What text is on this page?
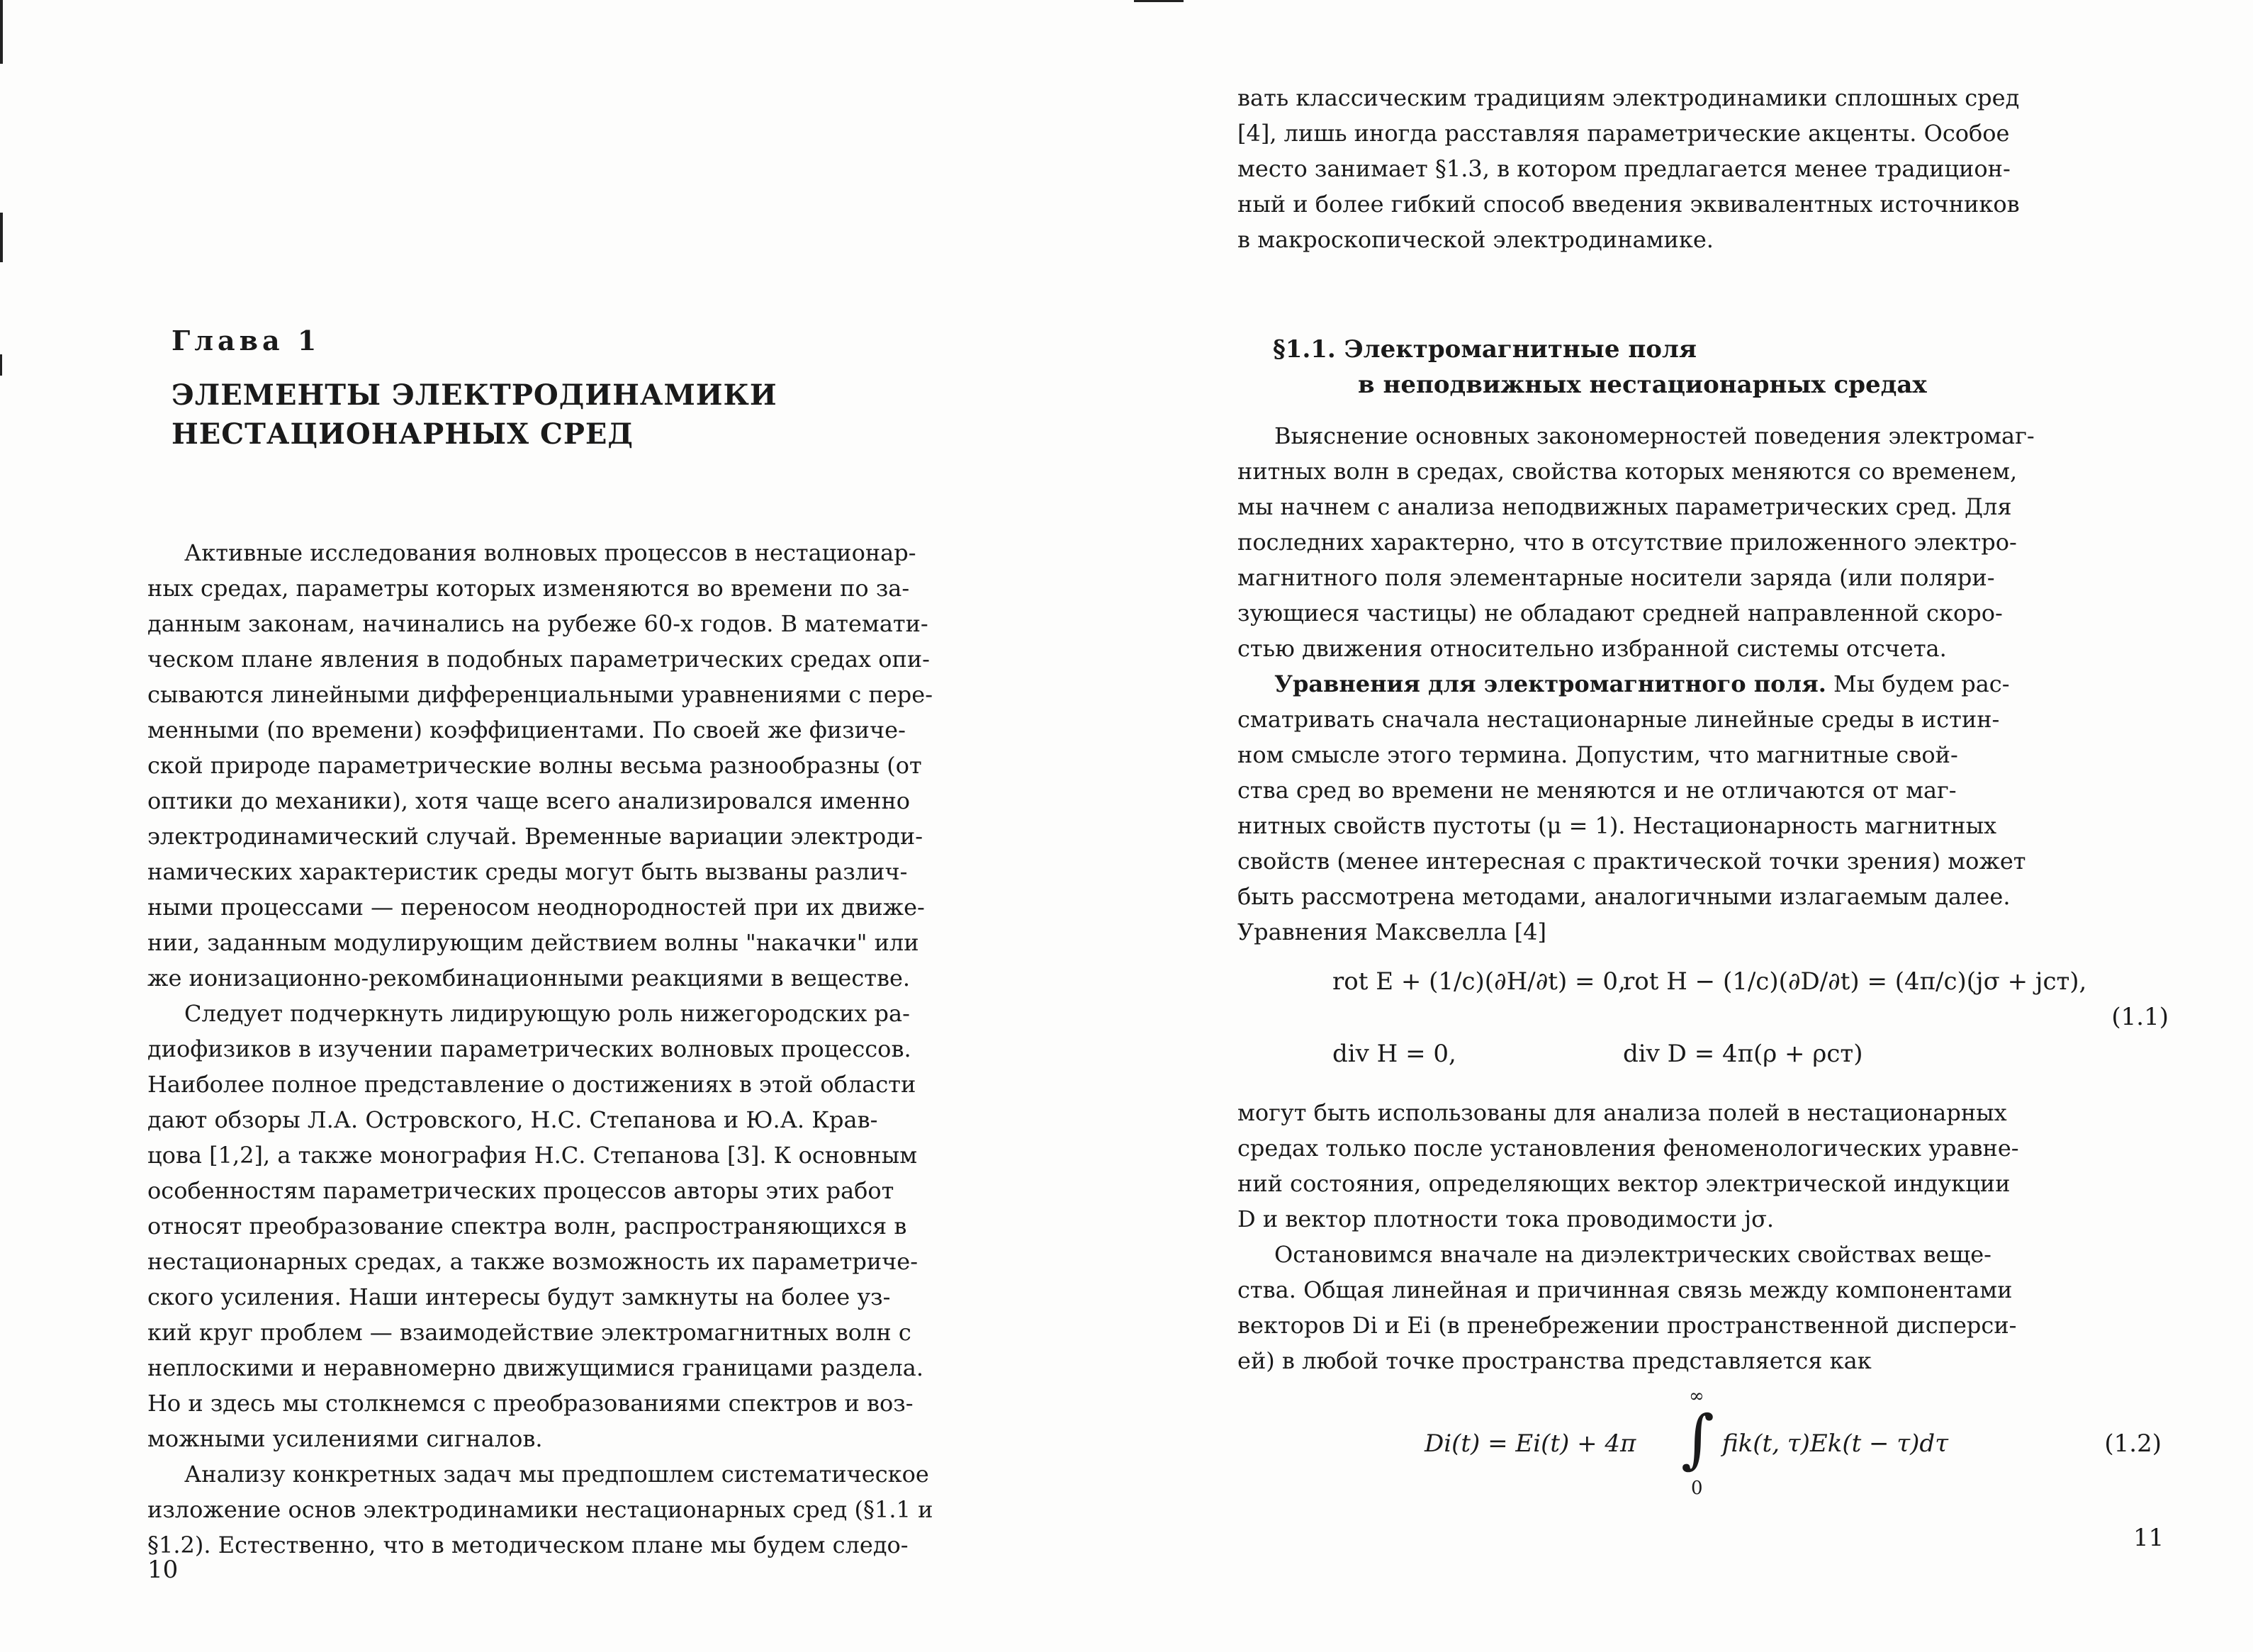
Глава 1
ЭЛЕМЕНТЫ ЭЛЕКТРОДИНАМИКИ
НЕСТАЦИОНАРНЫХ СРЕД
Активные исследования волновых процессов в нестационар-
ных средах, параметры которых изменяются во времени по за-
данным законам, начинались на рубеже 60-х годов. В математи-
ческом плане явления в подобных параметрических средах опи-
сываются линейными дифференциальными уравнениями с пере-
менными (по времени) коэффициентами. По своей же физиче-
ской природе параметрические волны весьма разнообразны (от
оптики до механики), хотя чаще всего анализировался именно
электродинамический случай. Временные вариации электроди-
намических характеристик среды могут быть вызваны различ-
ными процессами — переносом неоднородностей при их движе-
нии, заданным модулирующим действием волны "накачки" или
же ионизационно-рекомбинационными реакциями в веществе.
Следует подчеркнуть лидирующую роль нижегородских ра-
диофизиков в изучении параметрических волновых процессов.
Наиболее полное представление о достижениях в этой области
дают обзоры Л.А. Островского, Н.С. Степанова и Ю.А. Крав-
цова [1,2], а также монография Н.С. Степанова [3]. К основным
особенностям параметрических процессов авторы этих работ
относят преобразование спектра волн, распространяющихся в
нестационарных средах, а также возможность их параметриче-
ского усиления. Наши интересы будут замкнуты на более уз-
кий круг проблем — взаимодействие электромагнитных волн с
неплоскими и неравномерно движущимися границами раздела.
Но и здесь мы столкнемся с преобразованиями спектров и воз-
можными усилениями сигналов.
Анализу конкретных задач мы предпошлем систематическое
изложение основ электродинамики нестационарных сред (§1.1 и
§1.2). Естественно, что в методическом плане мы будем следо-
10
вать классическим традициям электродинамики сплошных сред
[4], лишь иногда расставляя параметрические акценты. Особое
место занимает §1.3, в котором предлагается менее традицион-
ный и более гибкий способ введения эквивалентных источников
в макроскопической электродинамике.
§1.1. Электромагнитные поля
в неподвижных нестационарных средах
Выяснение основных закономерностей поведения электромаг-
нитных волн в средах, свойства которых меняются со временем,
мы начнем с анализа неподвижных параметрических сред. Для
последних характерно, что в отсутствие приложенного электро-
магнитного поля элементарные носители заряда (или поляри-
зующиеся частицы) не обладают средней направленной скоро-
стью движения относительно избранной системы отсчета.
Уравнения для электромагнитного поля. Мы будем рас-
сматривать сначала нестационарные линейные среды в истин-
ном смысле этого термина. Допустим, что магнитные свой-
ства сред во времени не меняются и не отличаются от маг-
нитных свойств пустоты (μ = 1). Нестационарность магнитных
свойств (менее интересная с практической точки зрения) может
быть рассмотрена методами, аналогичными излагаемым далее.
Уравнения Максвелла [4]
rot E + (1/c)(∂H/∂t) = 0,
rot H − (1/c)(∂D/∂t) = (4π/c)(jσ + jст),
div H = 0,	div D = 4π(ρ + ρст)
(1.1)
могут быть использованы для анализа полей в нестационарных
средах только после установления феноменологических уравне-
ний состояния, определяющих вектор электрической индукции
D и вектор плотности тока проводимости jσ.
Остановимся вначале на диэлектрических свойствах веще-
ства. Общая линейная и причинная связь между компонентами
векторов Di и Ei (в пренебрежении пространственной дисперси-
ей) в любой точке пространства представляется как
Di(t) = Ei(t) + 4π
∞
∫
0
fik(t, τ)Ek(t − τ)dτ	(1.2)
11
